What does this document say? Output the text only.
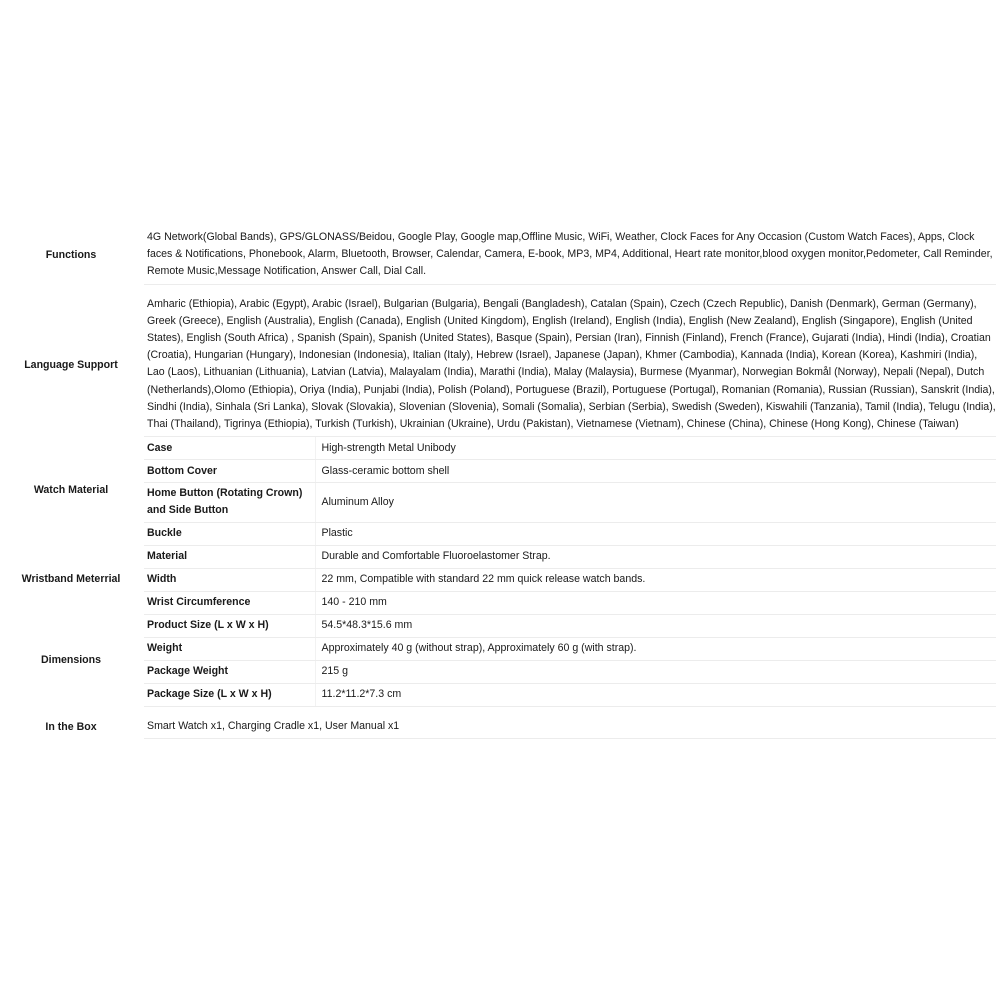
Functions	4G Network(Global Bands), GPS/GLONASS/Beidou, Google Play, Google map,Offline Music, WiFi, Weather, Clock Faces for Any Occasion (Custom Watch Faces), Apps, Clock faces & Notifications, Phonebook, Alarm, Bluetooth, Browser, Calendar, Camera, E-book, MP3, MP4, Additional, Heart rate monitor,blood oxygen monitor,Pedometer, Call Reminder, Remote Music,Message Notification, Answer Call, Dial Call.	

Language Support	Amharic (Ethiopia), Arabic (Egypt), Arabic (Israel), Bulgarian (Bulgaria), Bengali (Bangladesh), Catalan (Spain), Czech (Czech Republic), Danish (Denmark), German (Germany), Greek (Greece), English (Australia), English (Canada), English (United Kingdom), English (Ireland), English (India), English (New Zealand), English (Singapore), English (United States), English (South Africa) , Spanish (Spain), Spanish (United States), Basque (Spain), Persian (Iran), Finnish (Finland), French (France), Gujarati (India), Hindi (India), Croatian (Croatia), Hungarian (Hungary), Indonesian (Indonesia), Italian (Italy), Hebrew (Israel), Japanese (Japan), Khmer (Cambodia), Kannada (India), Korean (Korea), Kashmiri (India), Lao (Laos), Lithuanian (Lithuania), Latvian (Latvia), Malayalam (India), Marathi (India), Malay (Malaysia), Burmese (Myanmar), Norwegian Bokmål (Norway), Nepali (Nepal), Dutch (Netherlands),Olomo (Ethiopia), Oriya (India), Punjabi (India), Polish (Poland), Portuguese (Brazil), Portuguese (Portugal), Romanian (Romania), Russian (Russian), Sanskrit (India), Sindhi (India), Sinhala (Sri Lanka), Slovak (Slovakia), Slovenian (Slovenia), Somali (Somalia), Serbian (Serbia), Swedish (Sweden), Kiswahili (Tanzania), Tamil (India), Telugu (India), Thai (Thailand), Tigrinya (Ethiopia), Turkish (Turkish), Ukrainian (Ukraine), Urdu (Pakistan), Vietnamese (Vietnam), Chinese (China), Chinese (Hong Kong), Chinese (Taiwan)	
Watch Material	Case	High-strength Metal Unibody
	Bottom Cover	Glass-ceramic bottom shell
	Home Button (Rotating Crown) and Side Button	Aluminum Alloy
	Buckle	Plastic
Wristband Meterrial	Material	Durable and Comfortable Fluoroelastomer Strap.
	Width	22 mm, Compatible with standard 22 mm quick release watch bands.
	Wrist Circumference	140 - 210 mm
Dimensions	Product Size (L x W x H)	54.5*48.3*15.6 mm
	Weight	Approximately 40 g (without strap), Approximately 60 g (with strap).
	Package Weight	215 g
	Package Size (L x W x H)	11.2*11.2*7.3 cm

In the Box	Smart Watch x1, Charging Cradle x1, User Manual x1	
